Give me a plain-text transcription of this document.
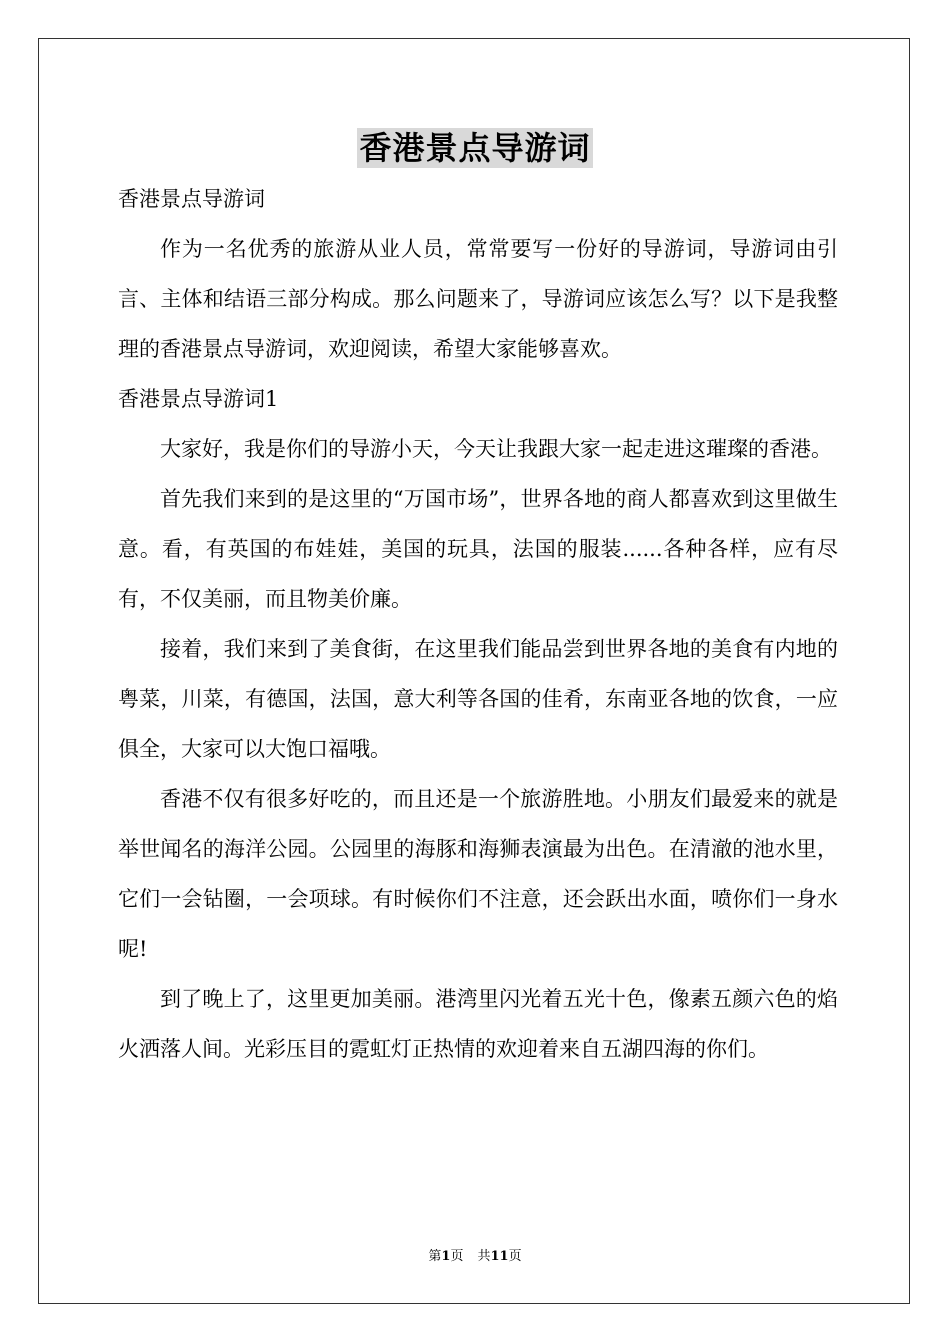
香港景点导游词

香港景点导游词

作为一名优秀的旅游从业人员，常常要写一份好的导游词，导游词由引言、主体和结语三部分构成。那么问题来了，导游词应该怎么写？以下是我整理的香港景点导游词，欢迎阅读，希望大家能够喜欢。

香港景点导游词1

大家好，我是你们的导游小天，今天让我跟大家一起走进这璀璨的香港。

首先我们来到的是这里的“万国市场”，世界各地的商人都喜欢到这里做生意。看，有英国的布娃娃，美国的玩具，法国的服装......各种各样，应有尽有，不仅美丽，而且物美价廉。

接着，我们来到了美食街，在这里我们能品尝到世界各地的美食有内地的粤菜，川菜，有德国，法国，意大利等各国的佳肴，东南亚各地的饮食，一应俱全，大家可以大饱口福哦。

香港不仅有很多好吃的，而且还是一个旅游胜地。小朋友们最爱来的就是举世闻名的海洋公园。公园里的海豚和海狮表演最为出色。在清澈的池水里，它们一会钻圈，一会项球。有时候你们不注意，还会跃出水面，喷你们一身水呢!

到了晚上了，这里更加美丽。港湾里闪光着五光十色，像素五颜六色的焰火洒落人间。光彩压目的霓虹灯正热情的欢迎着来自五湖四海的你们。

第1页 共11页
